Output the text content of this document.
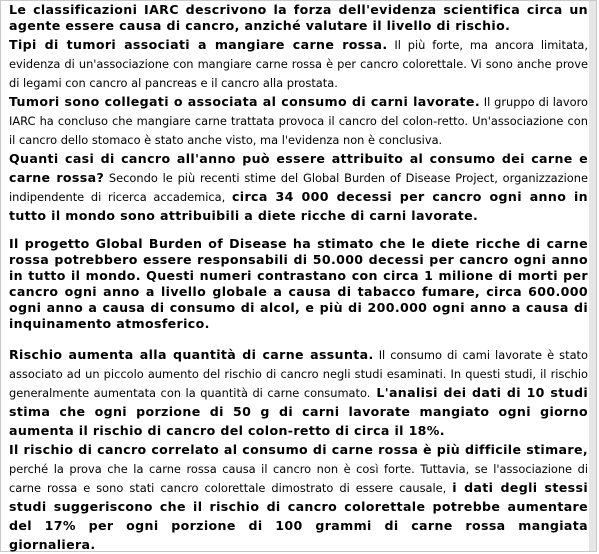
Le classificazioni IARC descrivono la forza dell'evidenza scientifica circa un agente essere causa di cancro, anziché valutare il livello di rischio.

Tipi di tumori associati a mangiare carne rossa. Il più forte, ma ancora limitata, evidenza di un'associazione con mangiare carne rossa è per cancro colorettale. Vi sono anche prove di legami con cancro al pancreas e il cancro alla prostata.

Tumori sono collegati o associata al consumo di carni lavorate. Il gruppo di lavoro IARC ha concluso che mangiare carne trattata provoca il cancro del colon-retto. Un'associazione con il cancro dello stomaco è stato anche visto, ma l'evidenza non è conclusiva.

Quanti casi di cancro all'anno può essere attribuito al consumo dei carne e carne rossa? Secondo le più recenti stime del Global Burden of Disease Project, organizzazione indipendente di ricerca accademica, circa 34 000 decessi per cancro ogni anno in tutto il mondo sono attribuibili a diete ricche di carni lavorate.

Il progetto Global Burden of Disease ha stimato che le diete ricche di carne rossa potrebbero essere responsabili di 50.000 decessi per cancro ogni anno in tutto il mondo. Questi numeri contrastano con circa 1 milione di morti per cancro ogni anno a livello globale a causa di tabacco fumare, circa 600.000 ogni anno a causa di consumo di alcol, e più di 200.000 ogni anno a causa di inquinamento atmosferico.

Rischio aumenta alla quantità di carne assunta. Il consumo di cami lavorate è stato associato ad un piccolo aumento del rischio di cancro negli studi esaminati. In questi studi, il rischio generalmente aumentata con la quantità di carne consumato. L'analisi dei dati di 10 studi stima che ogni porzione di 50 g di carni lavorate mangiato ogni giorno aumenta il rischio di cancro del colon-retto di circa il 18%.

Il rischio di cancro correlato al consumo di carne rossa è più difficile stimare, perché la prova che la carne rossa causa il cancro non è così forte. Tuttavia, se l'associazione di carne rossa e sono stati cancro colorettale dimostrato di essere causale, i dati degli stessi studi suggeriscono che il rischio di cancro colorettale potrebbe aumentare del 17% per ogni porzione di 100 grammi di carne rossa mangiata giornaliera.
